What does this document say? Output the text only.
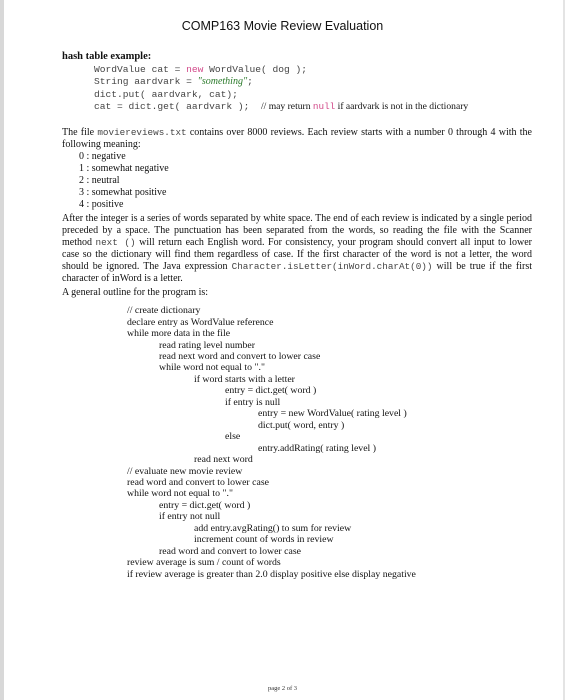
COMP163 Movie Review Evaluation
hash table example:
WordValue cat = new WordValue( dog );
String aardvark = "something";
dict.put( aardvark, cat);
cat = dict.get( aardvark );  // may return null if aardvark is not in the dictionary

The file moviereviews.txt contains over 8000 reviews. Each review starts with a number 0 through 4 with the following meaning:

0 : negative
1 : somewhat negative
2 : neutral
3 : somewhat positive
4 : positive

After the integer is a series of words separated by white space. The end of each review is indicated by a single period preceded by a space. The punctuation has been separated from the words, so reading the file with the Scanner method next () will return each English word. For consistency, your program should convert all input to lower case so the dictionary will find them regardless of case. If the first character of the word is not a letter, the word should be ignored. The Java expression Character.isLetter(inWord.charAt(0)) will be true if the first character of inWord is a letter.

A general outline for the program is:
// create dictionary
declare entry as WordValue reference
while more data in the file
read rating level number
read next word and convert to lower case
while word not equal to "."
if word starts with a letter
entry = dict.get( word )
if entry is null
entry = new WordValue( rating level )
dict.put( word, entry )
else
entry.addRating( rating level )
read next word
// evaluate new movie review
read word and convert to lower case
while word not equal to "."
entry = dict.get( word )
if entry not null
add entry.avgRating() to sum for review
increment count of words in review
read word and convert to lower case
review average is sum / count of words
if review average is greater than 2.0 display positive else display negative
page 2 of 3
